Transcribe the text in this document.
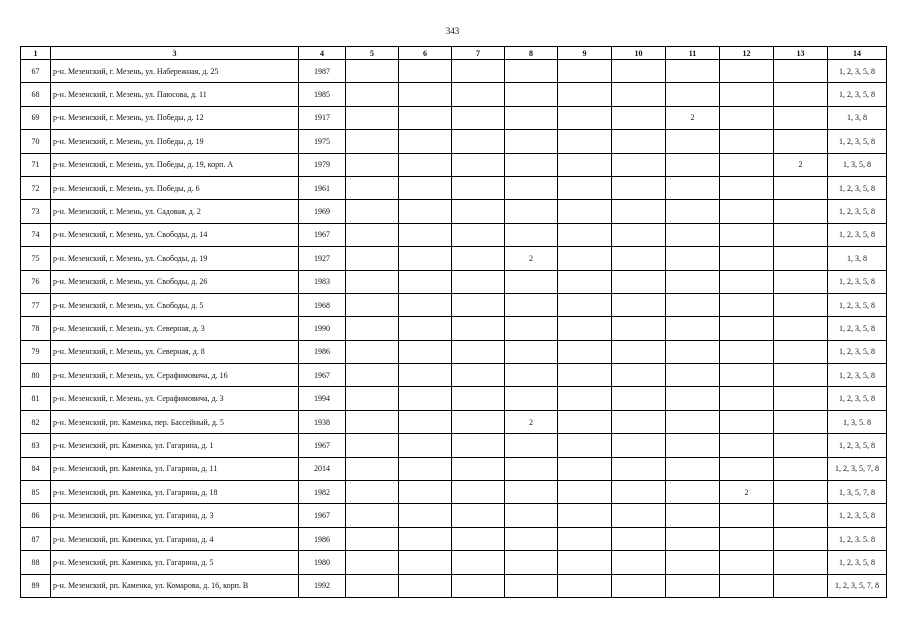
343
1	3	4	5	6	7	8	9	10	11	12	13	14
67	р-н. Мезенский, г. Мезень, ул. Набережная, д. 25	1987										1, 2, 3, 5, 8
68	р-н. Мезенский, г. Мезень, ул. Паюсова, д. 11	1985										1, 2, 3, 5, 8
69	р-н. Мезенский, г. Мезень, ул. Победы, д. 12	1917							2			1, 3, 8
70	р-н. Мезенский, г. Мезень, ул. Победы, д. 19	1975										1, 2, 3, 5, 8
71	р-н. Мезенский, г. Мезень, ул. Победы, д. 19, корп. А	1979									2	1, 3, 5, 8
72	р-н. Мезенский, г. Мезень, ул. Победы, д. 6	1961										1, 2, 3, 5, 8
73	р-н. Мезенский, г. Мезень, ул. Садовая, д. 2	1969										1, 2, 3, 5, 8
74	р-н. Мезенский, г. Мезень, ул. Свободы, д. 14	1967										1, 2, 3, 5, 8
75	р-н. Мезенский, г. Мезень, ул. Свободы, д. 19	1927				2						1, 3, 8
76	р-н. Мезенский, г. Мезень, ул. Свободы, д. 26	1983										1, 2, 3, 5, 8
77	р-н. Мезенский, г. Мезень, ул. Свободы, д. 5	1968										1, 2, 3, 5, 8
78	р-н. Мезенский, г. Мезень, ул. Северная, д. 3	1990										1, 2, 3, 5, 8
79	р-н. Мезенский, г. Мезень, ул. Северная, д. 8	1986										1, 2, 3, 5, 8
80	р-н. Мезенский, г. Мезень, ул. Серафимовича, д. 16	1967										1, 2, 3, 5, 8
81	р-н. Мезенский, г. Мезень, ул. Серафимовича, д. 3	1994										1, 2, 3, 5, 8
82	р-н. Мезенский, рп. Каменка, пер. Бассейный, д. 5	1938				2						1, 3, 5. 8
83	р-н. Мезенский, рп. Каменка, ул. Гагарина, д. 1	1967										1, 2, 3, 5, 8
84	р-н. Мезенский, рп. Каменка, ул. Гагарина, д. 11	2014										1, 2, 3, 5, 7, 8
85	р-н. Мезенский, рп. Каменка, ул. Гагарина, д. 18	1982								2		1, 3, 5, 7, 8
86	р-н. Мезенский, рп. Каменка, ул. Гагарина, д. 3	1967										1, 2, 3, 5, 8
87	р-н. Мезенский, рп. Каменка, ул. Гагарина, д. 4	1986										1, 2, 3. 5. 8
88	р-н. Мезенский, рп. Каменка, ул. Гагарина, д. 5	1980										1, 2, 3, 5, 8
89	р-н. Мезенский, рп. Каменка, ул. Комарова, д. 16, корп. В	1992										1, 2, 3, 5, 7, 8
